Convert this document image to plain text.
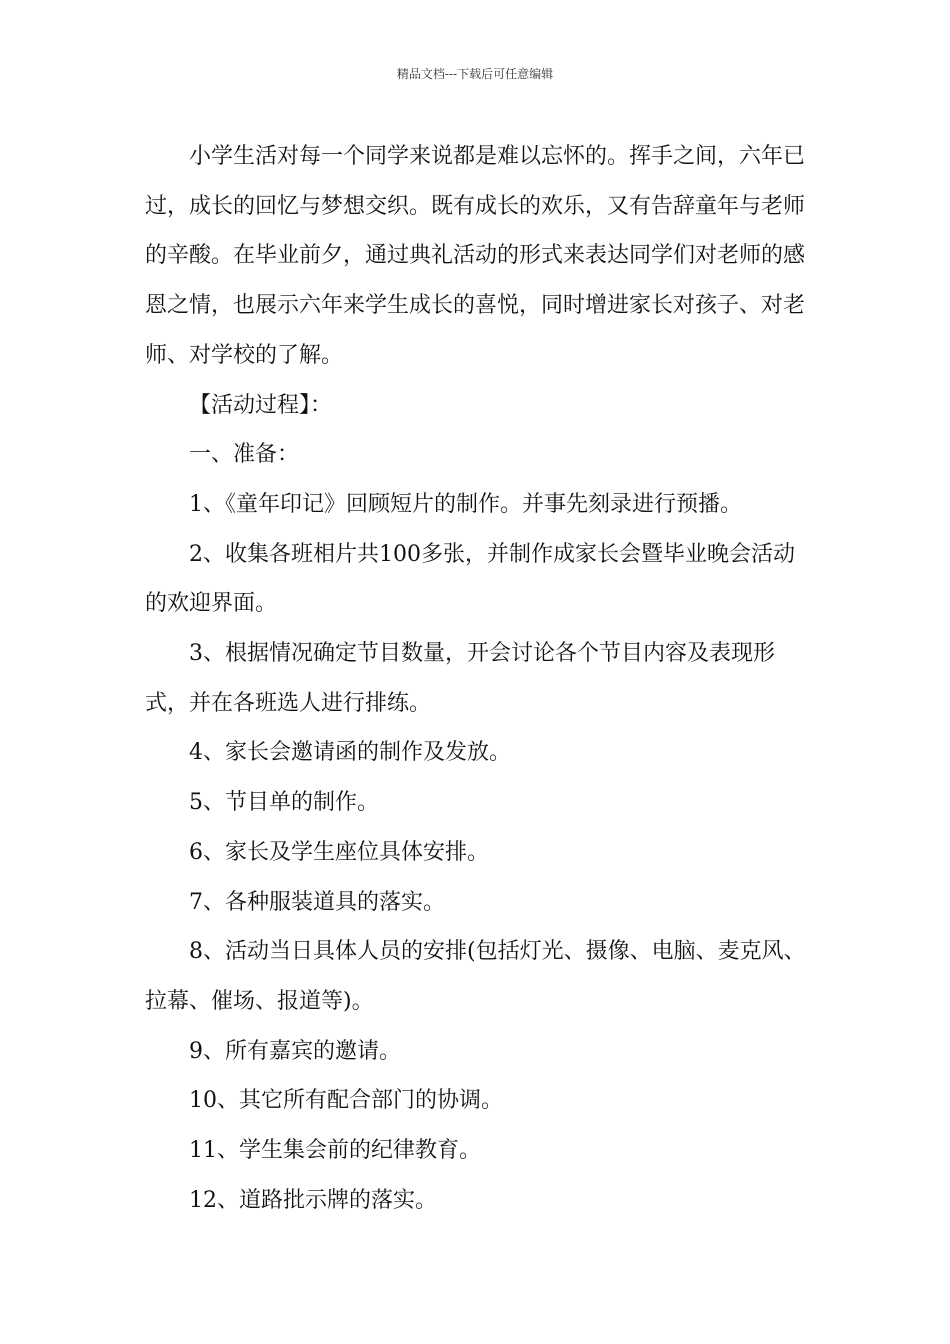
精品文档---下载后可任意编辑

小学生活对每一个同学来说都是难以忘怀的。挥手之间，六年已过，成长的回忆与梦想交织。既有成长的欢乐，又有告辞童年与老师的辛酸。在毕业前夕，通过典礼活动的形式来表达同学们对老师的感恩之情，也展示六年来学生成长的喜悦，同时增进家长对孩子、对老师、对学校的了解。

【活动过程】：

一、准备：

1、《童年印记》回顾短片的制作。并事先刻录进行预播。

2、收集各班相片共100多张，并制作成家长会暨毕业晚会活动的欢迎界面。

3、根据情况确定节目数量，开会讨论各个节目内容及表现形式，并在各班选人进行排练。

4、家长会邀请函的制作及发放。

5、节目单的制作。

6、家长及学生座位具体安排。

7、各种服装道具的落实。

8、活动当日具体人员的安排(包括灯光、摄像、电脑、麦克风、拉幕、催场、报道等)。

9、所有嘉宾的邀请。

10、其它所有配合部门的协调。

11、学生集会前的纪律教育。

12、道路批示牌的落实。
